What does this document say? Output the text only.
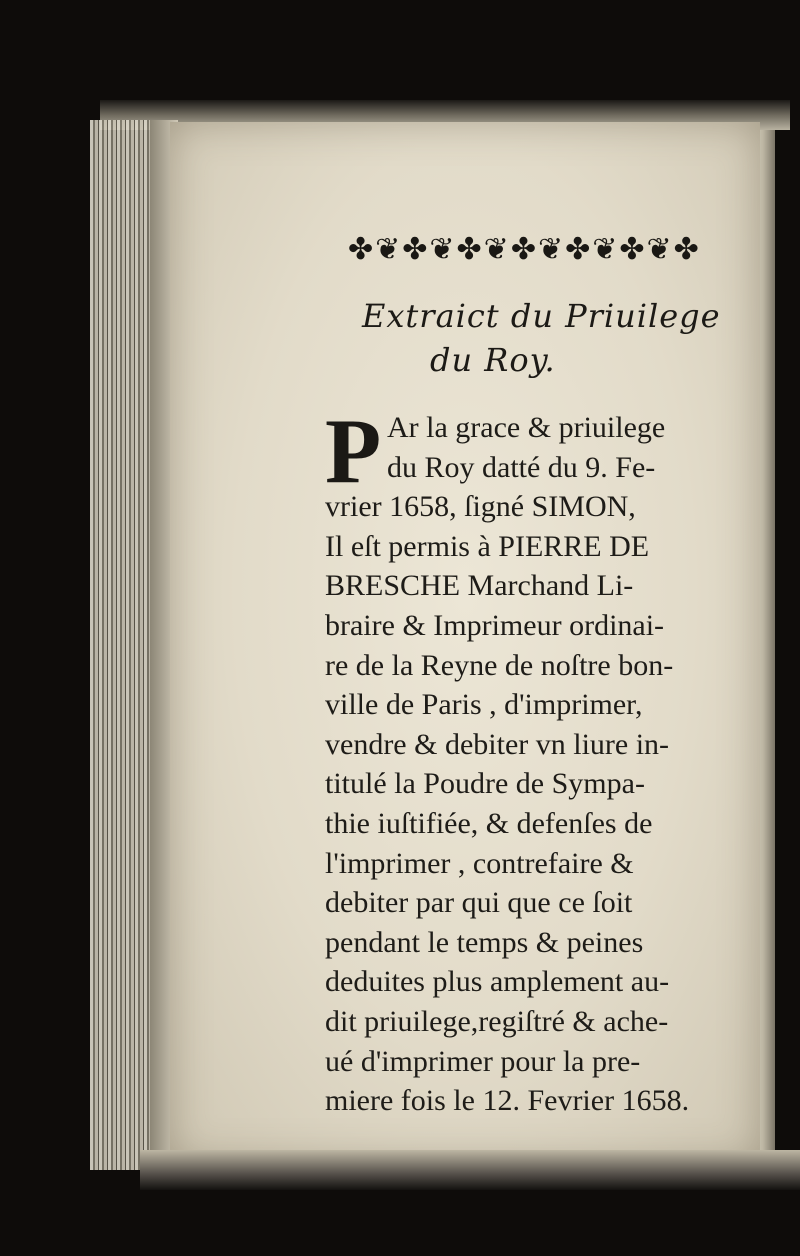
✤❦✤❦✤❦✤❦✤❦✤❦✤
Extraict du Priuilege
du Roy.
P Ar la grace & priuilege
du Roy datté du 9. Fe-
vrier 1658, ſigné SIMON,
Il eſt permis à PIERRE DE
BRESCHE Marchand Li-
braire & Imprimeur ordinai-
re de la Reyne de noſtre bon-
ville de Paris , d'imprimer,
vendre & debiter vn liure in-
titulé la Poudre de Sympa-
thie iuſtifiée, & defenſes de
l'imprimer , contrefaire &
debiter par qui que ce ſoit
pendant le temps & peines
deduites plus amplement au-
dit priuilege,regiſtré & ache-
ué d'imprimer pour la pre-
miere fois le 12. Fevrier 1658.
